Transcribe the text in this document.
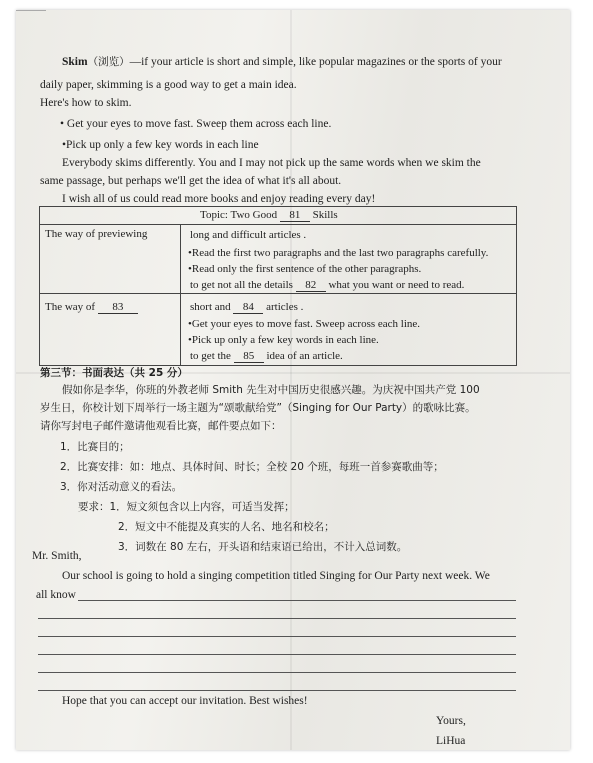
Skim（浏览）—if your article is short and simple, like popular magazines or the sports of your
daily paper, skimming is a good way to get a main idea.
Here's how to skim.
• Get your eyes to move fast. Sweep them across each line.
•Pick up only a few key words in each line
Everybody skims differently. You and I may not pick up the same words when we skim the
same passage, but perhaps we'll get the idea of what it's all about.
I wish all of us could read more books and enjoy reading every day!
Topic: Two Good 81 Skills
The way of previewing	long and difficult articles .
•Read the first two paragraphs and the last two paragraphs carefully.
•Read only the first sentence of the other paragraphs.
to get not all the details 82 what you want or need to read.
The way of 83	short and 84 articles .
•Get your eyes to move fast. Sweep across each line.
•Pick up only a few key words in each line.
to get the 85 idea of an article.
第三节：书面表达（共 25 分）
假如你是李华，你班的外教老师 Smith 先生对中国历史很感兴趣。为庆祝中国共产党 100
岁生日，你校计划下周举行一场主题为“颂歌献给党”（Singing for Our Party）的歌咏比赛。
请你写封电子邮件邀请他观看比赛，邮件要点如下：
1．比赛目的；
2．比赛安排：如：地点、具体时间、时长；全校 20 个班，每班一首参赛歌曲等；
3．你对活动意义的看法。
要求：1．短文须包含以上内容，可适当发挥；
2．短文中不能提及真实的人名、地名和校名；
3．词数在 80 左右，开头语和结束语已给出，不计入总词数。
Mr. Smith,
Our school is going to hold a singing competition titled Singing for Our Party next week. We
all know
Hope that you can accept our invitation. Best wishes!
Yours,
LiHua
